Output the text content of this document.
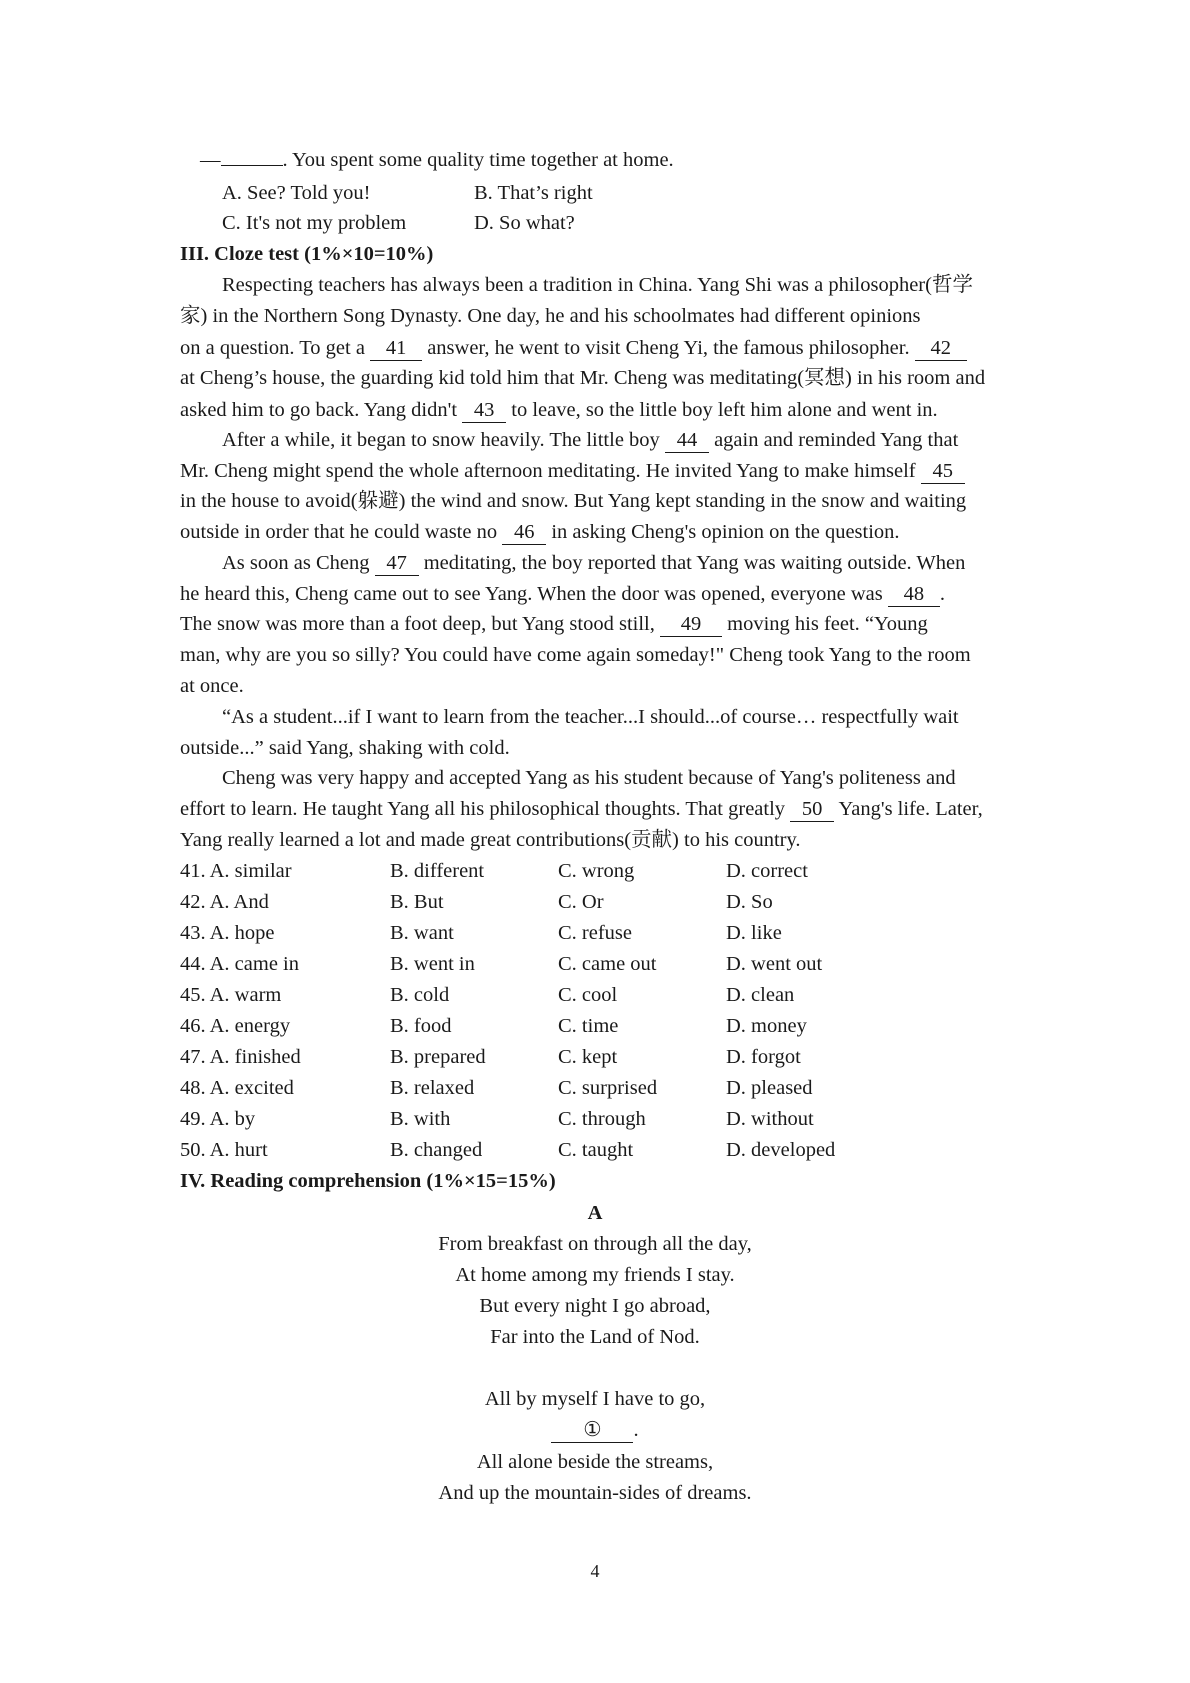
—	. You spent some quality time together at home.
A. See? Told you!	B. That’s right
C. It's not my problem	D. So what?
III. Cloze test (1%×10=10%)
Respecting teachers has always been a tradition in China. Yang Shi was a philosopher(哲学
家) in the Northern Song Dynasty. One day, he and his schoolmates had different opinions
on a question. To get a 41 answer, he went to visit Cheng Yi, the famous philosopher. 42
at Cheng’s house, the guarding kid told him that Mr. Cheng was meditating(冥想) in his room and
asked him to go back. Yang didn't 43 to leave, so the little boy left him alone and went in.
After a while, it began to snow heavily. The little boy 44 again and reminded Yang that
Mr. Cheng might spend the whole afternoon meditating. He invited Yang to make himself 45
in the house to avoid(躲避) the wind and snow. But Yang kept standing in the snow and waiting
outside in order that he could waste no 46 in asking Cheng's opinion on the question.
As soon as Cheng 47 meditating, the boy reported that Yang was waiting outside. When
he heard this, Cheng came out to see Yang. When the door was opened, everyone was 48 .
The snow was more than a foot deep, but Yang stood still, 49 moving his feet. “Young
man, why are you so silly? You could have come again someday!" Cheng took Yang to the room
at once.
“As a student...if I want to learn from the teacher...I should...of course… respectfully wait
outside...” said Yang, shaking with cold.
Cheng was very happy and accepted Yang as his student because of Yang's politeness and
effort to learn. He taught Yang all his philosophical thoughts. That greatly 50 Yang's life. Later,
Yang really learned a lot and made great contributions(贡献) to his country.
41. A. similar	B. different	C. wrong	D. correct
42. A. And	B. But	C. Or	D. So
43. A. hope	B. want	C. refuse	D. like
44. A. came in	B. went in	C. came out	D. went out
45. A. warm	B. cold	C. cool	D. clean
46. A. energy	B. food	C. time	D. money
47. A. finished	B. prepared	C. kept	D. forgot
48. A. excited	B. relaxed	C. surprised	D. pleased
49. A. by	B. with	C. through	D. without
50. A. hurt	B. changed	C. taught	D. developed
IV. Reading comprehension (1%×15=15%)
A
From breakfast on through all the day,
At home among my friends I stay.
But every night I go abroad,
Far into the Land of Nod.
All by myself I have to go,
① .
All alone beside the streams,
And up the mountain-sides of dreams.
4
